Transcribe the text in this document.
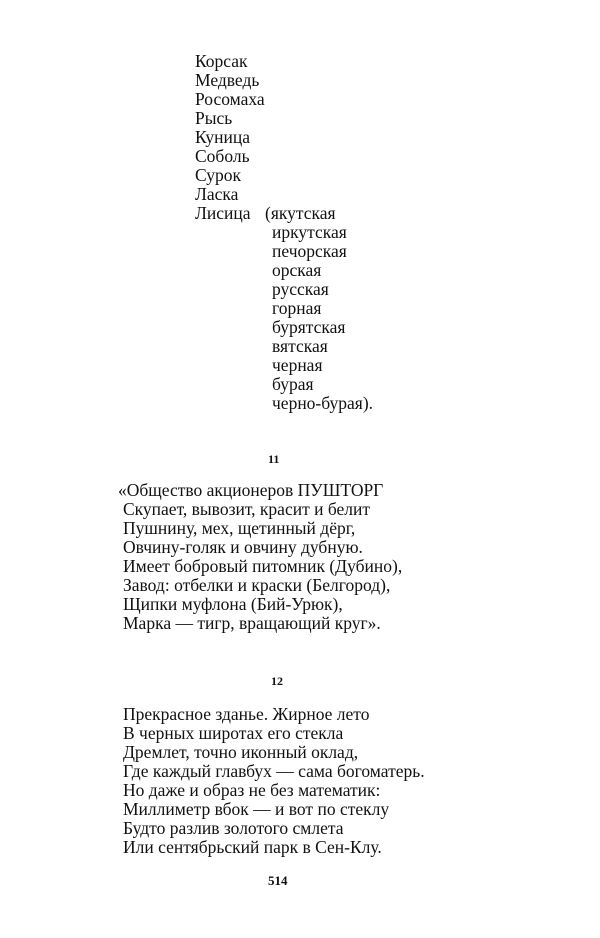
Корсак
Медведь
Росомаха
Рысь
Куница
Соболь
Сурок
Ласка
Лисица (якутская
иркутская
печорская
орская
русская
горная
бурятская
вятская
черная
бурая
черно-бурая).
11
«Общество акционеров ПУШТОРГ
Скупает, вывозит, красит и белит
Пушнину, мех, щетинный дёрг,
Овчину-голяк и овчину дубную.
Имеет бобровый питомник (Дубино),
Завод: отбелки и краски (Белгород),
Щипки муфлона (Бий-Урюк),
Марка — тигр, вращающий круг».
12
Прекрасное зданье. Жирное лето
В черных широтах его стекла
Дремлет, точно иконный оклад,
Где каждый главбух — сама богоматерь.
Но даже и образ не без математик:
Миллиметр вбок — и вот по стеклу
Будто разлив золотого смлета
Или сентябрьский парк в Сен-Клу.
514
